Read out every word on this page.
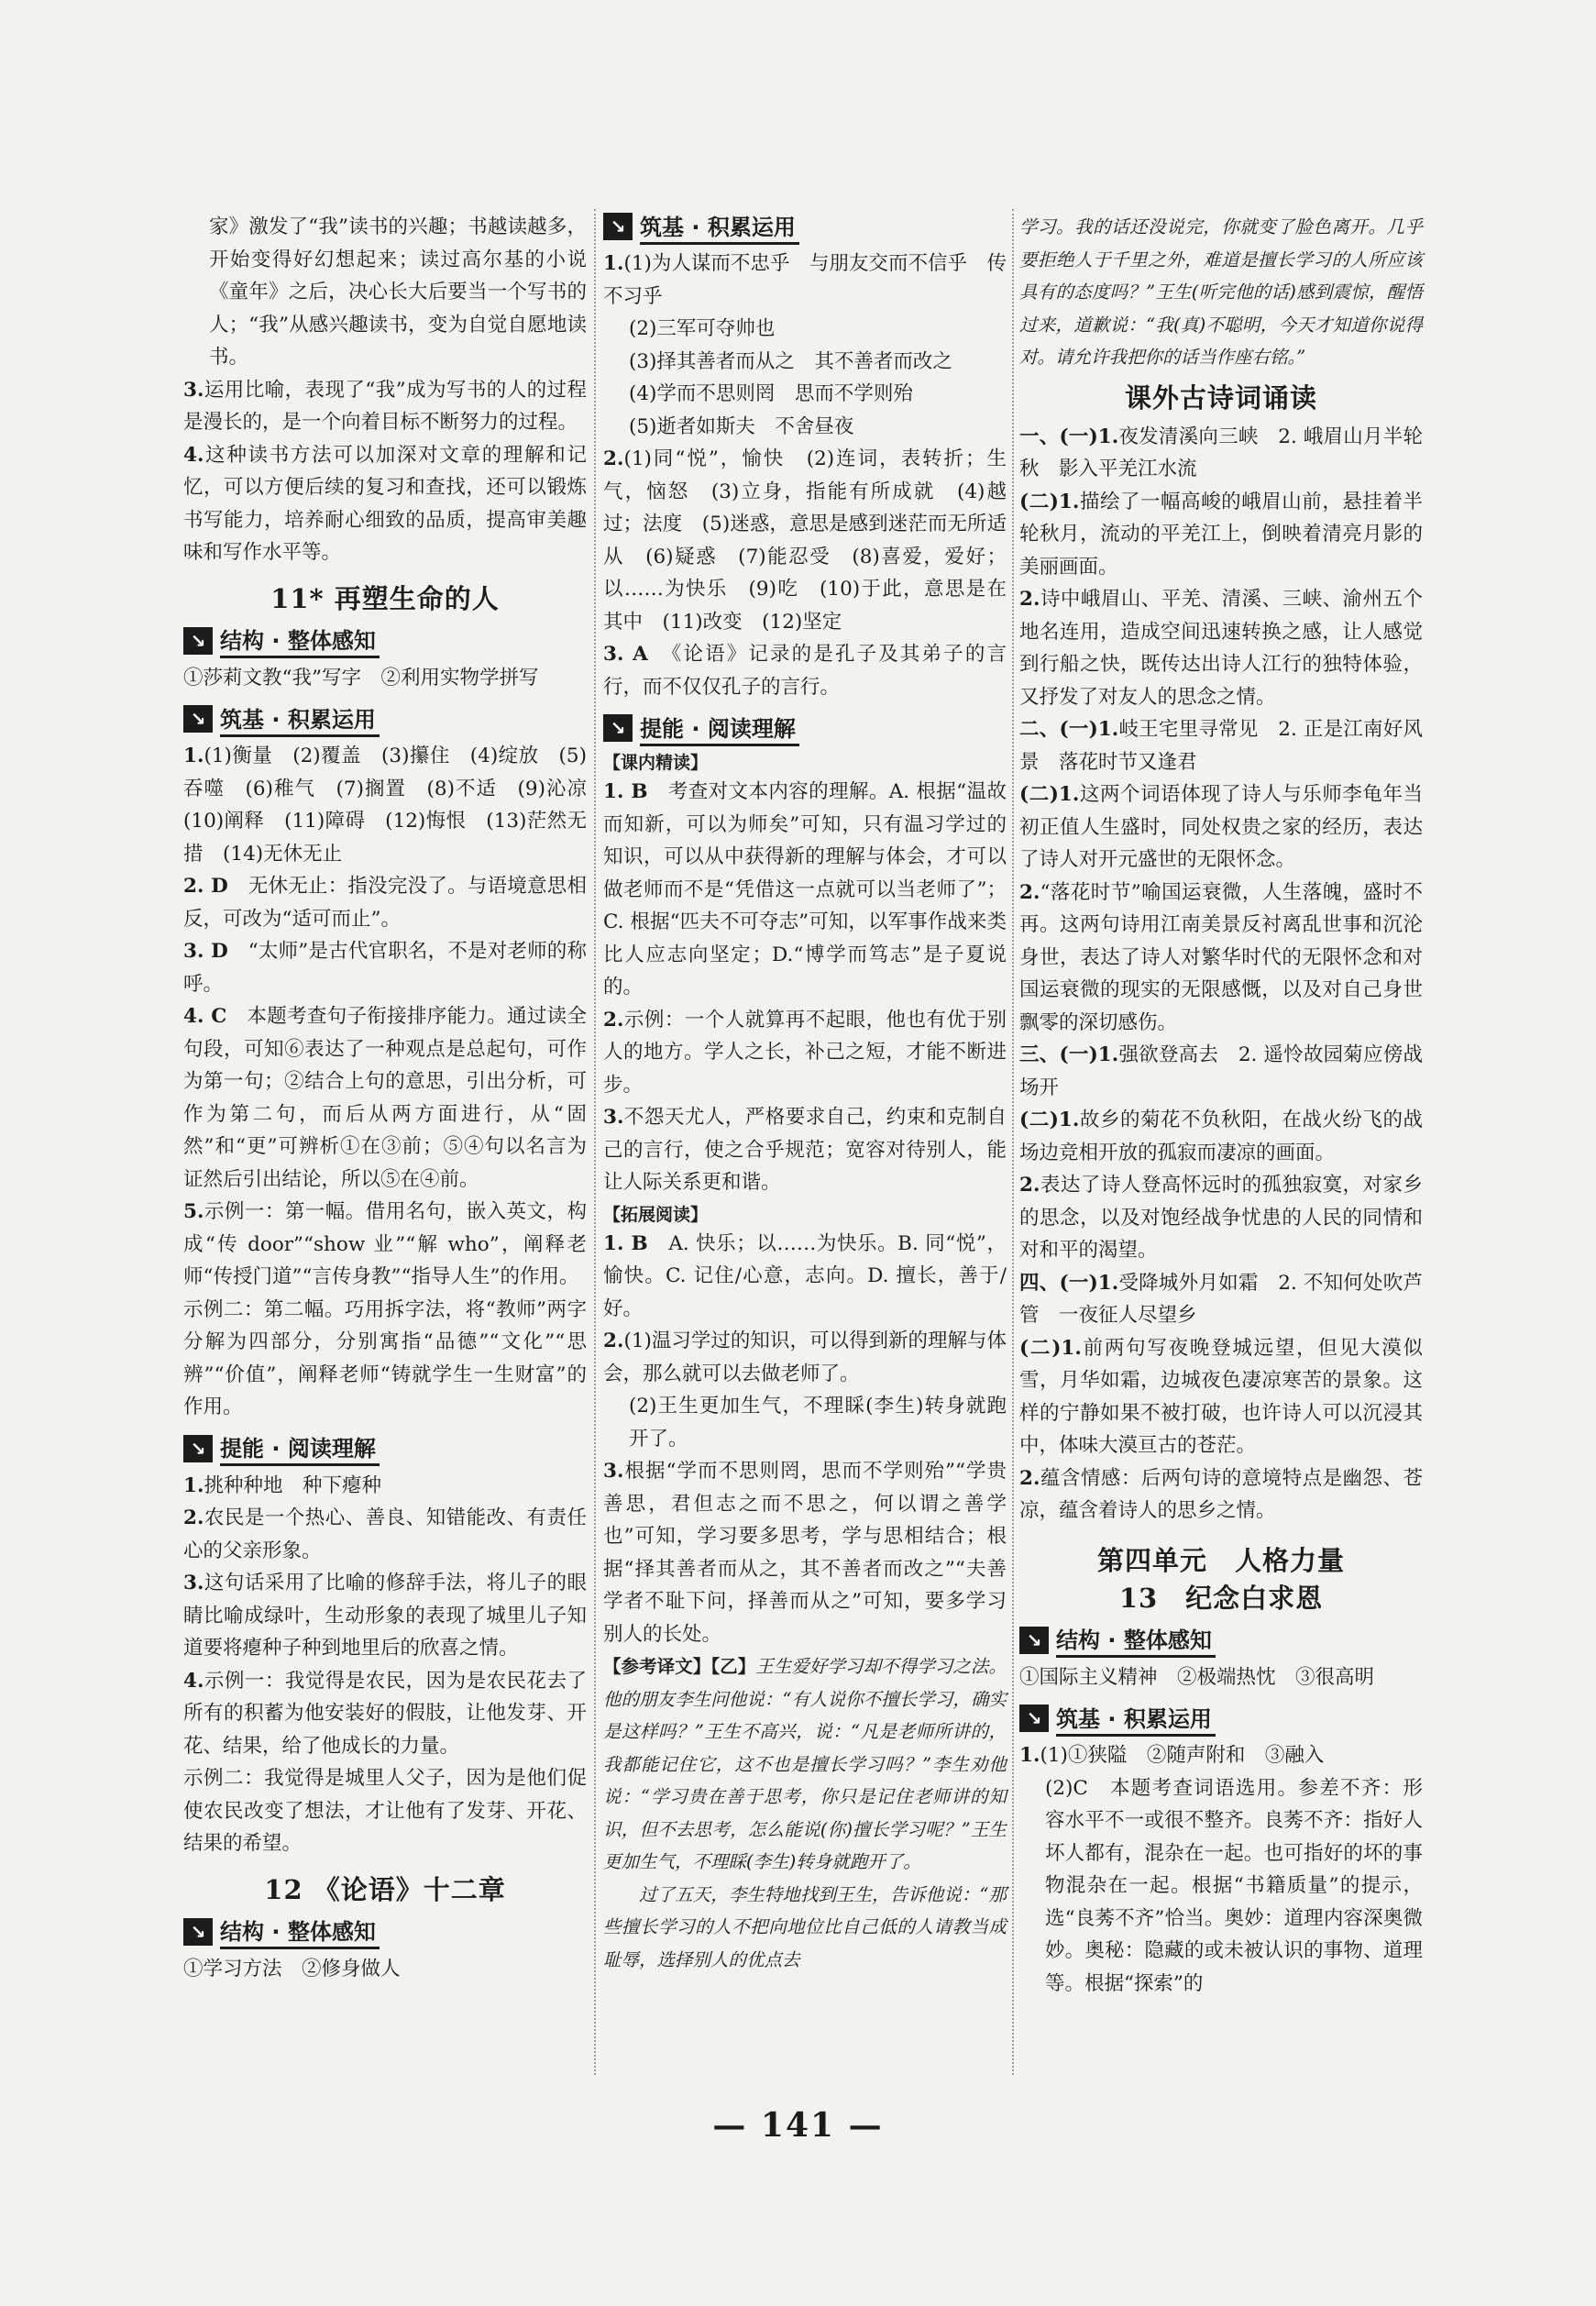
家》激发了“我”读书的兴趣；书越读越多，开始变得好幻想起来；读过高尔基的小说《童年》之后，决心长大后要当一个写书的人；“我”从感兴趣读书，变为自觉自愿地读书。

3.运用比喻，表现了“我”成为写书的人的过程是漫长的，是一个向着目标不断努力的过程。

4.这种读书方法可以加深对文章的理解和记忆，可以方便后续的复习和查找，还可以锻炼书写能力，培养耐心细致的品质，提高审美趣味和写作水平等。

11* 再塑生命的人
↘ 结构 · 整体感知

①莎莉文教“我”写字　②利用实物学拼写

↘ 筑基 · 积累运用

1.(1)衡量　(2)覆盖　(3)攥住　(4)绽放　(5)吞噬　(6)稚气　(7)搁置　(8)不适　(9)沁凉　(10)阐释　(11)障碍　(12)悔恨　(13)茫然无措　(14)无休无止

2. D　 无休无止：指没完没了。与语境意思相反，可改为“适可而止”。

3. D　 “太师”是古代官职名，不是对老师的称呼。

4. C　 本题考查句子衔接排序能力。通过读全句段，可知⑥表达了一种观点是总起句，可作为第一句；②结合上句的意思，引出分析，可作为第二句，而后从两方面进行，从“固然”和“更”可辨析①在③前；⑤④句以名言为证然后引出结论，所以⑤在④前。

5.示例一：第一幅。借用名句，嵌入英文，构成“传 door”“show 业”“解 who”，阐释老师“传授门道”“言传身教”“指导人生”的作用。

示例二：第二幅。巧用拆字法，将“教师”两字分解为四部分，分别寓指“品德”“文化”“思辨”“价值”，阐释老师“铸就学生一生财富”的作用。

↘ 提能 · 阅读理解

1.挑种种地　种下瘪种

2.农民是一个热心、善良、知错能改、有责任心的父亲形象。

3.这句话采用了比喻的修辞手法，将儿子的眼睛比喻成绿叶，生动形象的表现了城里儿子知道要将瘪种子种到地里后的欣喜之情。

4.示例一：我觉得是农民，因为是农民花去了所有的积蓄为他安装好的假肢，让他发芽、开花、结果，给了他成长的力量。

示例二：我觉得是城里人父子，因为是他们促使农民改变了想法，才让他有了发芽、开花、结果的希望。

12 《论语》十二章
↘ 结构 · 整体感知

①学习方法　②修身做人

↘ 筑基 · 积累运用

1.(1)为人谋而不忠乎　与朋友交而不信乎　传不习乎

(2)三军可夺帅也

(3)择其善者而从之　其不善者而改之

(4)学而不思则罔　思而不学则殆

(5)逝者如斯夫　不舍昼夜

2.(1)同“悦”，愉快　(2)连词，表转折；生气，恼怒　(3)立身，指能有所成就　(4)越过；法度　(5)迷惑，意思是感到迷茫而无所适从　(6)疑惑　(7)能忍受　(8)喜爱，爱好；以……为快乐　(9)吃　(10)于此，意思是在其中　(11)改变　(12)坚定

3. A　 《论语》记录的是孔子及其弟子的言行，而不仅仅孔子的言行。

↘ 提能 · 阅读理解
【课内精读】

1. B　 考查对文本内容的理解。A. 根据“温故而知新，可以为师矣”可知，只有温习学过的知识，可以从中获得新的理解与体会，才可以做老师而不是“凭借这一点就可以当老师了”；C. 根据“匹夫不可夺志”可知，以军事作战来类比人应志向坚定；D.“博学而笃志”是子夏说的。

2.示例：一个人就算再不起眼，他也有优于别人的地方。学人之长，补己之短，才能不断进步。

3.不怨天尤人，严格要求自己，约束和克制自己的言行，使之合乎规范；宽容对待别人，能让人际关系更和谐。

【拓展阅读】

1. B　 A. 快乐；以……为快乐。B. 同“悦”，愉快。C. 记住/心意，志向。D. 擅长，善于/好。

2.(1)温习学过的知识，可以得到新的理解与体会，那么就可以去做老师了。

(2)王生更加生气，不理睬(李生)转身就跑开了。

3.根据“学而不思则罔，思而不学则殆”“学贵善思，君但志之而不思之，何以谓之善学也”可知，学习要多思考，学与思相结合；根据“择其善者而从之，其不善者而改之”“夫善学者不耻下问，择善而从之”可知，要多学习别人的长处。

【参考译文】【乙】王生爱好学习却不得学习之法。他的朋友李生问他说：“有人说你不擅长学习，确实是这样吗？”王生不高兴，说：“凡是老师所讲的，我都能记住它，这不也是擅长学习吗？”李生劝他说：“学习贵在善于思考，你只是记住老师讲的知识，但不去思考，怎么能说(你)擅长学习呢？”王生更加生气，不理睬(李生)转身就跑开了。

过了五天，李生特地找到王生，告诉他说：“那些擅长学习的人不把向地位比自己低的人请教当成耻辱，选择别人的优点去

学习。我的话还没说完，你就变了脸色离开。几乎要拒绝人于千里之外，难道是擅长学习的人所应该具有的态度吗？”王生(听完他的话)感到震惊，醒悟过来，道歉说：“我(真)不聪明，今天才知道你说得对。请允许我把你的话当作座右铭。”

课外古诗词诵读

一、(一)1.夜发清溪向三峡　2. 峨眉山月半轮秋　影入平羌江水流

(二)1.描绘了一幅高峻的峨眉山前，悬挂着半轮秋月，流动的平羌江上，倒映着清亮月影的美丽画面。

2.诗中峨眉山、平羌、清溪、三峡、渝州五个地名连用，造成空间迅速转换之感，让人感觉到行船之快，既传达出诗人江行的独特体验，又抒发了对友人的思念之情。

二、(一)1.岐王宅里寻常见　2. 正是江南好风景　落花时节又逢君

(二)1.这两个词语体现了诗人与乐师李龟年当初正值人生盛时，同处权贵之家的经历，表达了诗人对开元盛世的无限怀念。

2.“落花时节”喻国运衰微，人生落魄，盛时不再。这两句诗用江南美景反衬离乱世事和沉沦身世，表达了诗人对繁华时代的无限怀念和对国运衰微的现实的无限感慨，以及对自己身世飘零的深切感伤。

三、(一)1.强欲登高去　2. 遥怜故园菊应傍战场开

(二)1.故乡的菊花不负秋阳，在战火纷飞的战场边竞相开放的孤寂而凄凉的画面。

2.表达了诗人登高怀远时的孤独寂寞，对家乡的思念，以及对饱经战争忧患的人民的同情和对和平的渴望。

四、(一)1.受降城外月如霜　2. 不知何处吹芦管　一夜征人尽望乡

(二)1.前两句写夜晚登城远望，但见大漠似雪，月华如霜，边城夜色凄凉寒苦的景象。这样的宁静如果不被打破，也许诗人可以沉浸其中，体味大漠亘古的苍茫。

2.蕴含情感：后两句诗的意境特点是幽怨、苍凉，蕴含着诗人的思乡之情。

第四单元　人格力量
13　纪念白求恩
↘ 结构 · 整体感知

①国际主义精神　②极端热忱　③很高明

↘ 筑基 · 积累运用

1.(1)①狭隘　②随声附和　③融入

(2)C　本题考查词语选用。参差不齐：形容水平不一或很不整齐。良莠不齐：指好人坏人都有，混杂在一起。也可指好的坏的事物混杂在一起。根据“书籍质量”的提示，选“良莠不齐”恰当。奥妙：道理内容深奥微妙。奥秘：隐藏的或未被认识的事物、道理等。根据“探索”的

— 141 —
